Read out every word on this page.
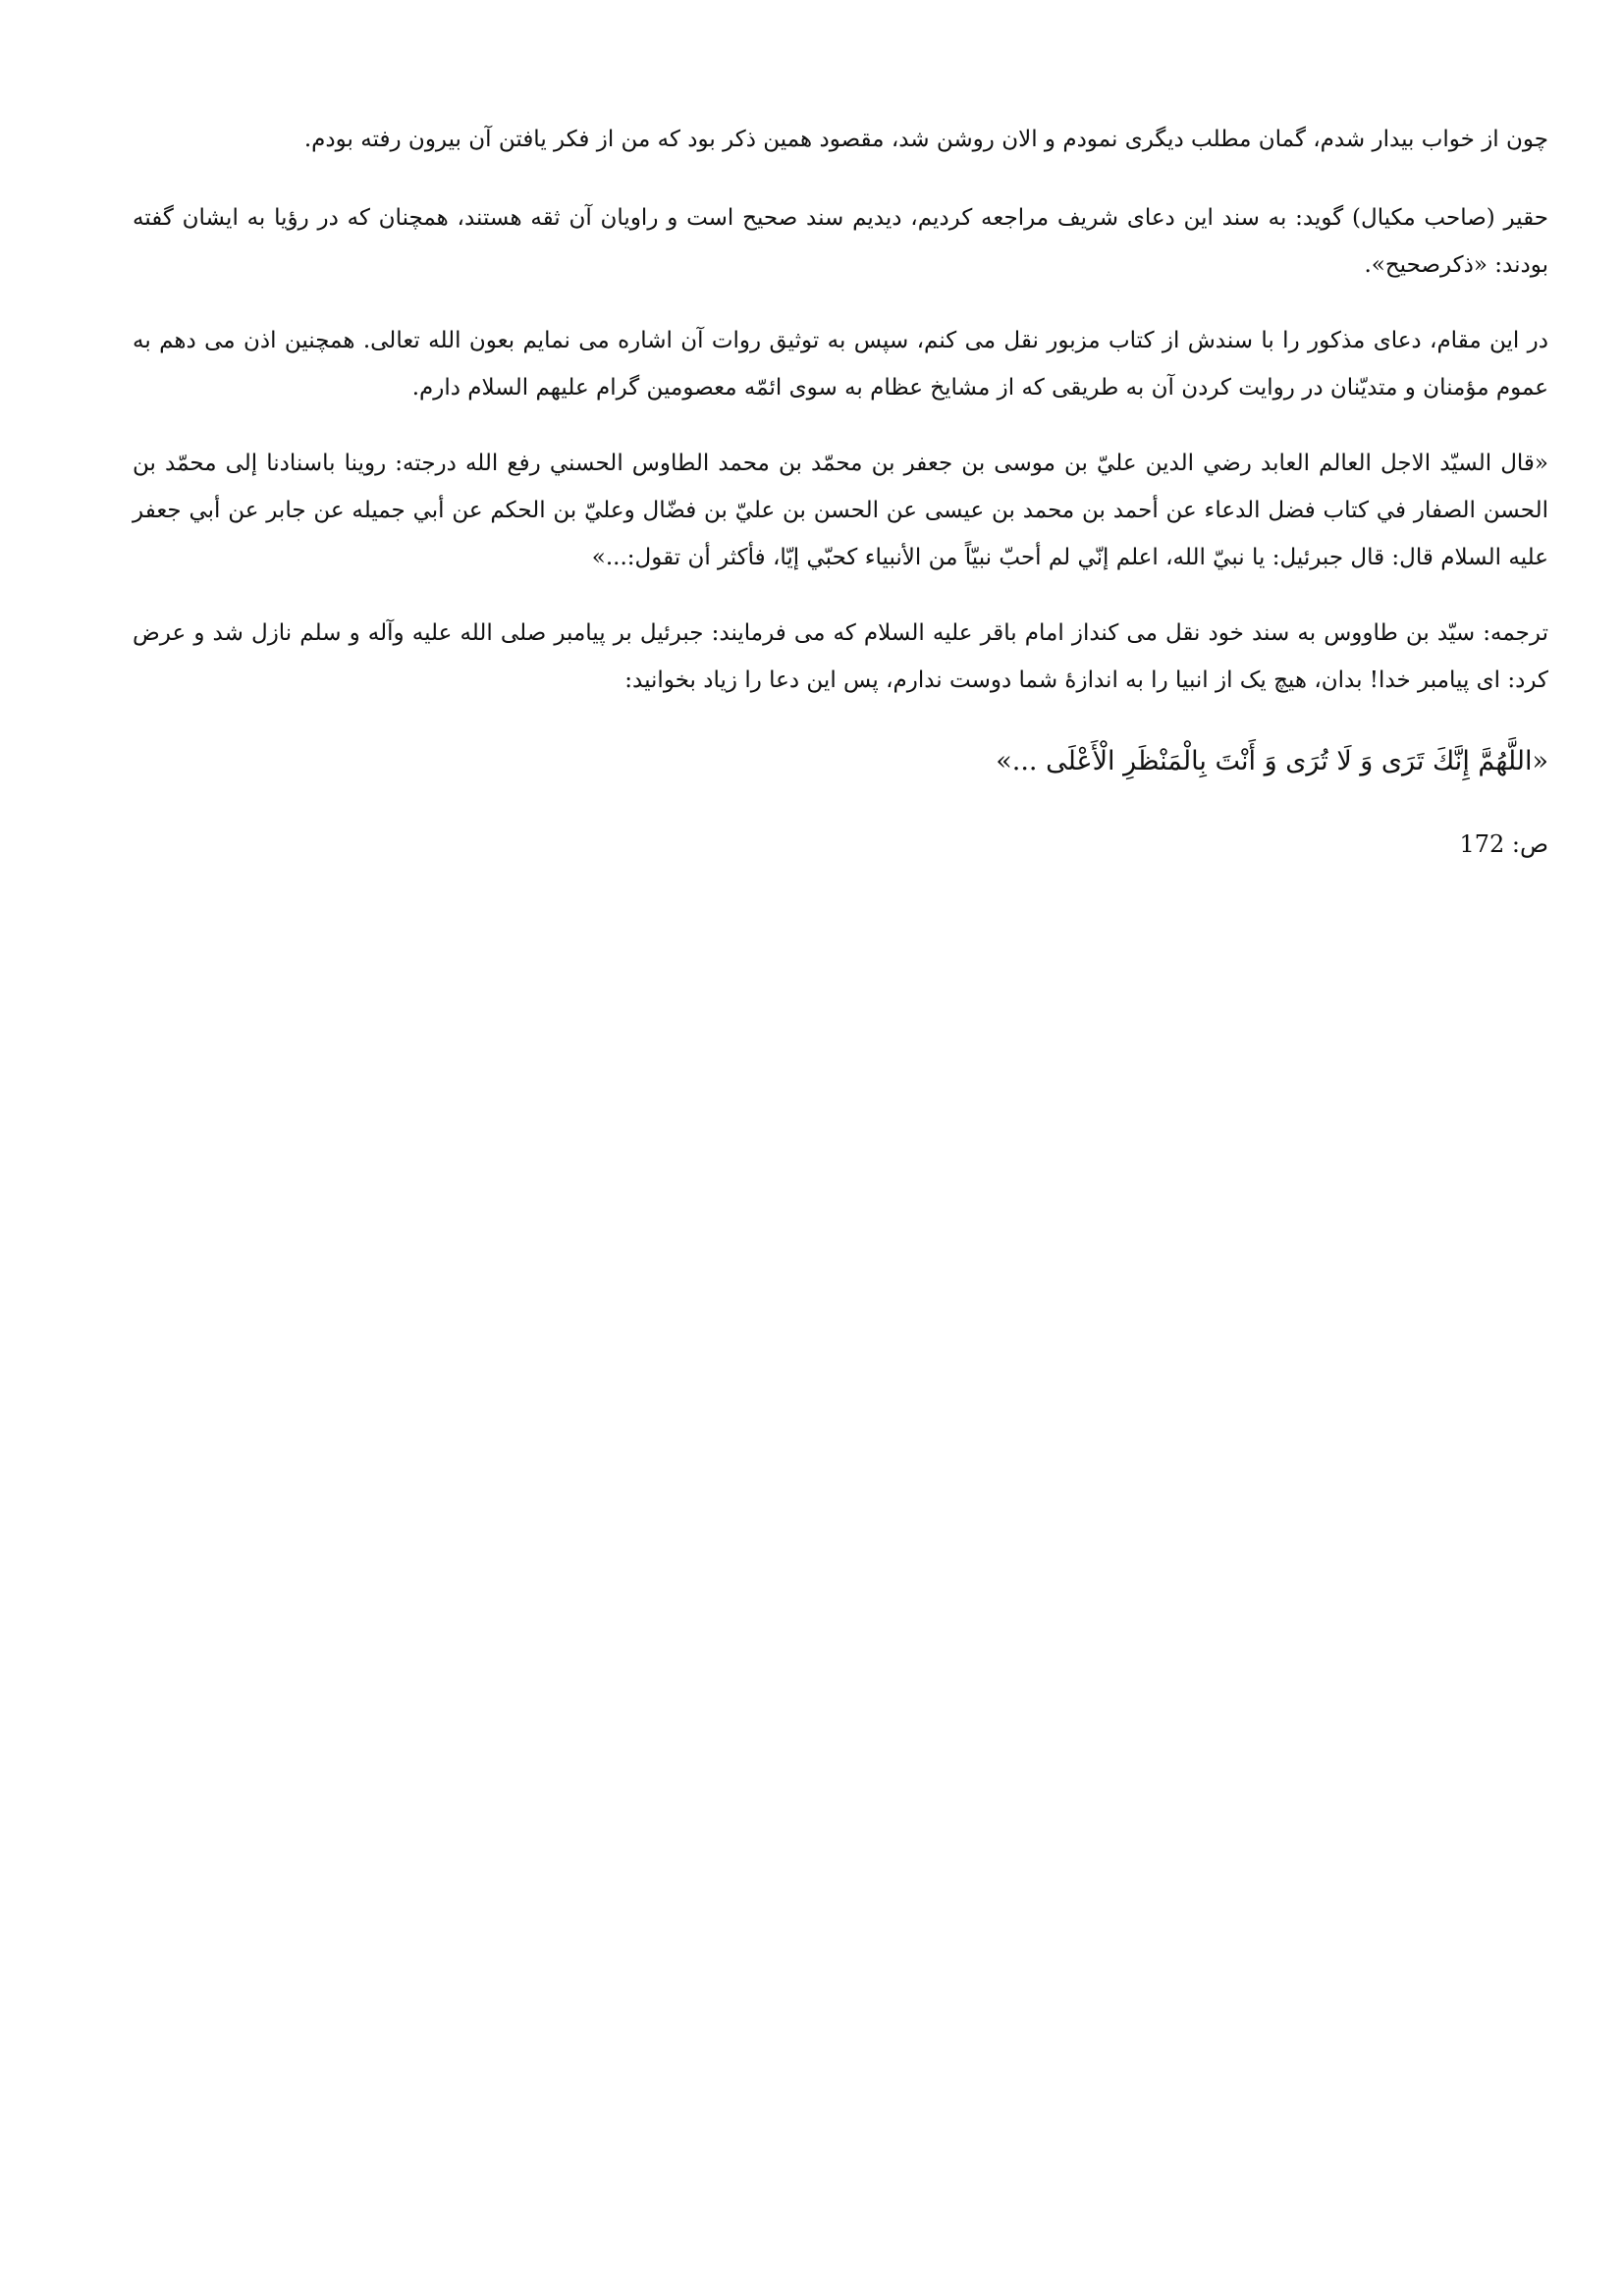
چون از خواب بیدار شدم، گمان مطلب دیگری نمودم و الان روشن شد، مقصود همین ذکر بود که من از فکر یافتن آن بیرون رفته بودم.

حقیر (صاحب مکیال) گوید: به سند این دعای شریف مراجعه کردیم، دیدیم سند صحیح است و راویان آن ثقه هستند، همچنان که در رؤیا به ایشان گفته بودند: «ذکرصحیح».

در این مقام، دعای مذکور را با سندش از کتاب مزبور نقل می کنم، سپس به توثیق روات آن اشاره می نمایم بعون الله تعالی. همچنین اذن می دهم به عموم مؤمنان و متدیّنان در روایت کردن آن به طریقی که از مشایخ عظام به سوی ائمّه معصومین گرام علیهم السلام دارم.

«قال السیّد الاجل العالم العابد رضي الدین عليّ بن موسى بن جعفر بن محمّد بن محمد الطاوس الحسني رفع الله درجته: روینا باسنادنا إلى محمّد بن الحسن الصفار في كتاب فضل الدعاء عن أحمد بن محمد بن عيسى عن الحسن بن عليّ بن فضّال وعليّ بن الحكم عن أبي جميله عن جابر عن أبي جعفر عليه السلام قال: قال جبرئيل: يا نبيّ الله، اعلم إنّي لم أحبّ نبيّاً من الأنبياء كحبّي إيّا، فأكثر أن تقول:...»

ترجمه: سیّد بن طاووس به سند خود نقل می کنداز امام باقر علیه السلام که می فرمایند: جبرئیل بر پیامبر صلی الله علیه وآله و سلم نازل شد و عرض کرد: ای پیامبر خدا! بدان، هیچ یک از انبیا را به اندازهٔ شما دوست ندارم، پس این دعا را زیاد بخوانید:

«اللَّهُمَّ إِنَّكَ تَرَى وَ لَا تُرَى وَ أَنْتَ بِالْمَنْظَرِ الْأَعْلَى ...»

ص: 172
